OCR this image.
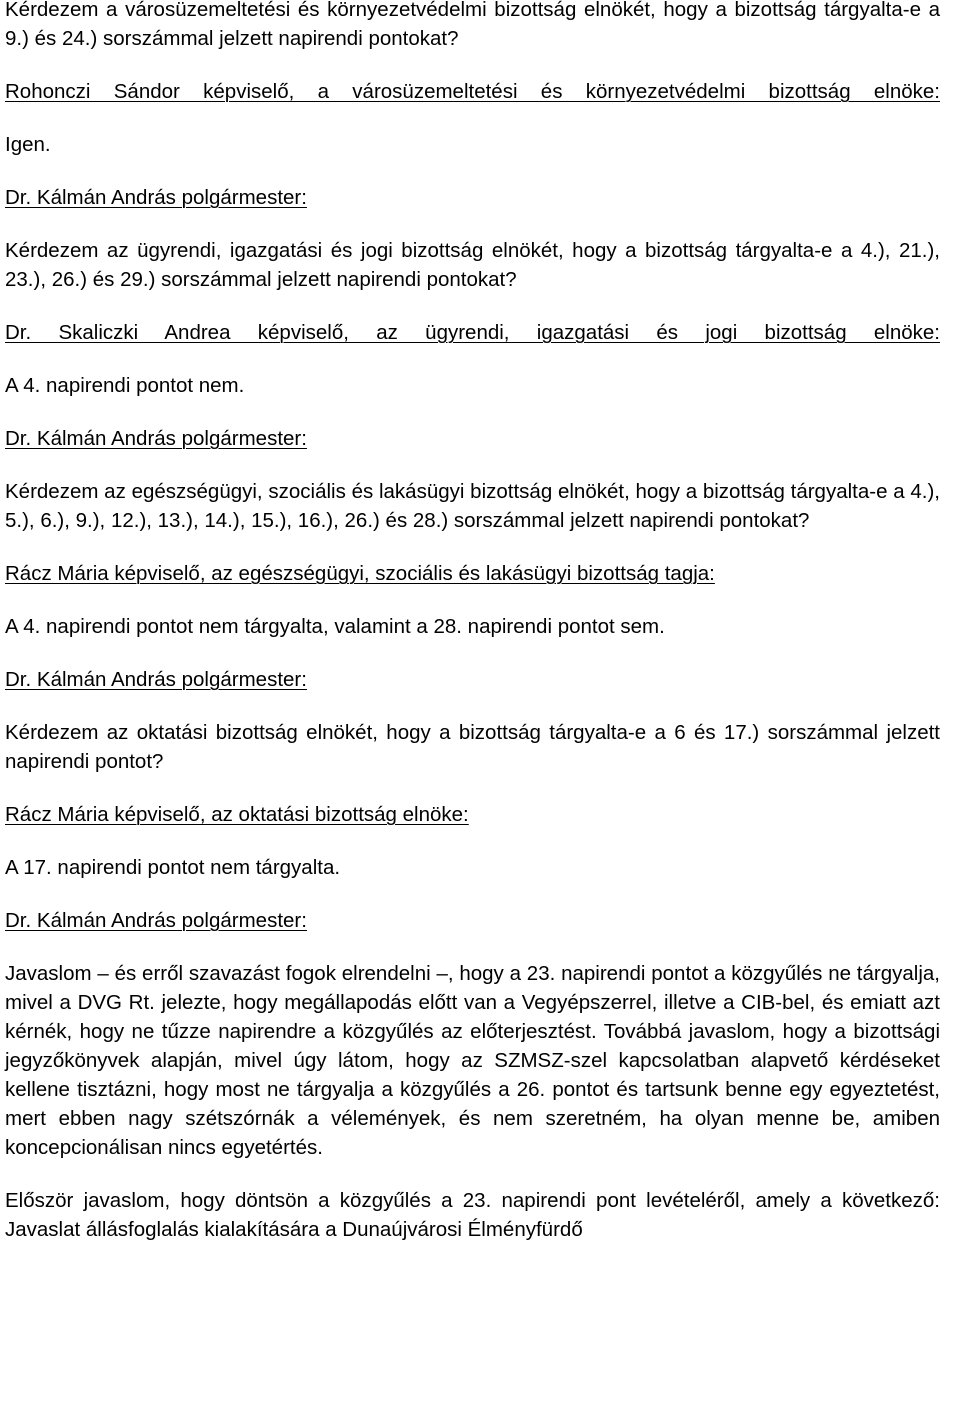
Kérdezem a városüzemeltetési és környezetvédelmi bizottság elnökét, hogy a bizottság tárgyalta-e a 9.) és 24.) sorszámmal jelzett napirendi pontokat?

Rohonczi Sándor képviselő, a városüzemeltetési és környezetvédelmi bizottság elnöke:

Igen.

Dr. Kálmán András polgármester:

Kérdezem az ügyrendi, igazgatási és jogi bizottság elnökét, hogy a bizottság tárgyalta-e a 4.), 21.), 23.), 26.) és 29.) sorszámmal jelzett napirendi pontokat?

Dr. Skaliczki Andrea képviselő, az ügyrendi, igazgatási és jogi bizottság elnöke:

A 4. napirendi pontot nem.

Dr. Kálmán András polgármester:

Kérdezem az egészségügyi, szociális és lakásügyi bizottság elnökét, hogy a bizottság tárgyalta-e a 4.), 5.), 6.), 9.), 12.), 13.), 14.), 15.), 16.), 26.) és 28.) sorszámmal jelzett napirendi pontokat?

Rácz Mária képviselő, az egészségügyi, szociális és lakásügyi bizottság tagja:

A 4. napirendi pontot nem tárgyalta, valamint a 28. napirendi pontot sem.

Dr. Kálmán András polgármester:

Kérdezem az oktatási bizottság elnökét, hogy a bizottság tárgyalta-e a 6 és 17.) sorszámmal jelzett napirendi pontot?

Rácz Mária képviselő, az oktatási bizottság elnöke:

A 17. napirendi pontot nem tárgyalta.

Dr. Kálmán András polgármester:

Javaslom – és erről szavazást fogok elrendelni –, hogy a 23. napirendi pontot a közgyűlés ne tárgyalja, mivel a DVG Rt. jelezte, hogy megállapodás előtt van a Vegyépszerrel, illetve a CIB-bel, és emiatt azt kérnék, hogy ne tűzze napirendre a közgyűlés az előterjesztést. Továbbá javaslom, hogy a bizottsági jegyzőkönyvek alapján, mivel úgy látom, hogy az SZMSZ-szel kapcsolatban alapvető kérdéseket kellene tisztázni, hogy most ne tárgyalja a közgyűlés a 26. pontot és tartsunk benne egy egyeztetést, mert ebben nagy szétszórnák a vélemények, és nem szeretném, ha olyan menne be, amiben koncepcionálisan nincs egyetértés.

Először javaslom, hogy döntsön a közgyűlés a 23. napirendi pont levételéről, amely a következő: Javaslat állásfoglalás kialakítására a Dunaújvárosi Élményfürdő
